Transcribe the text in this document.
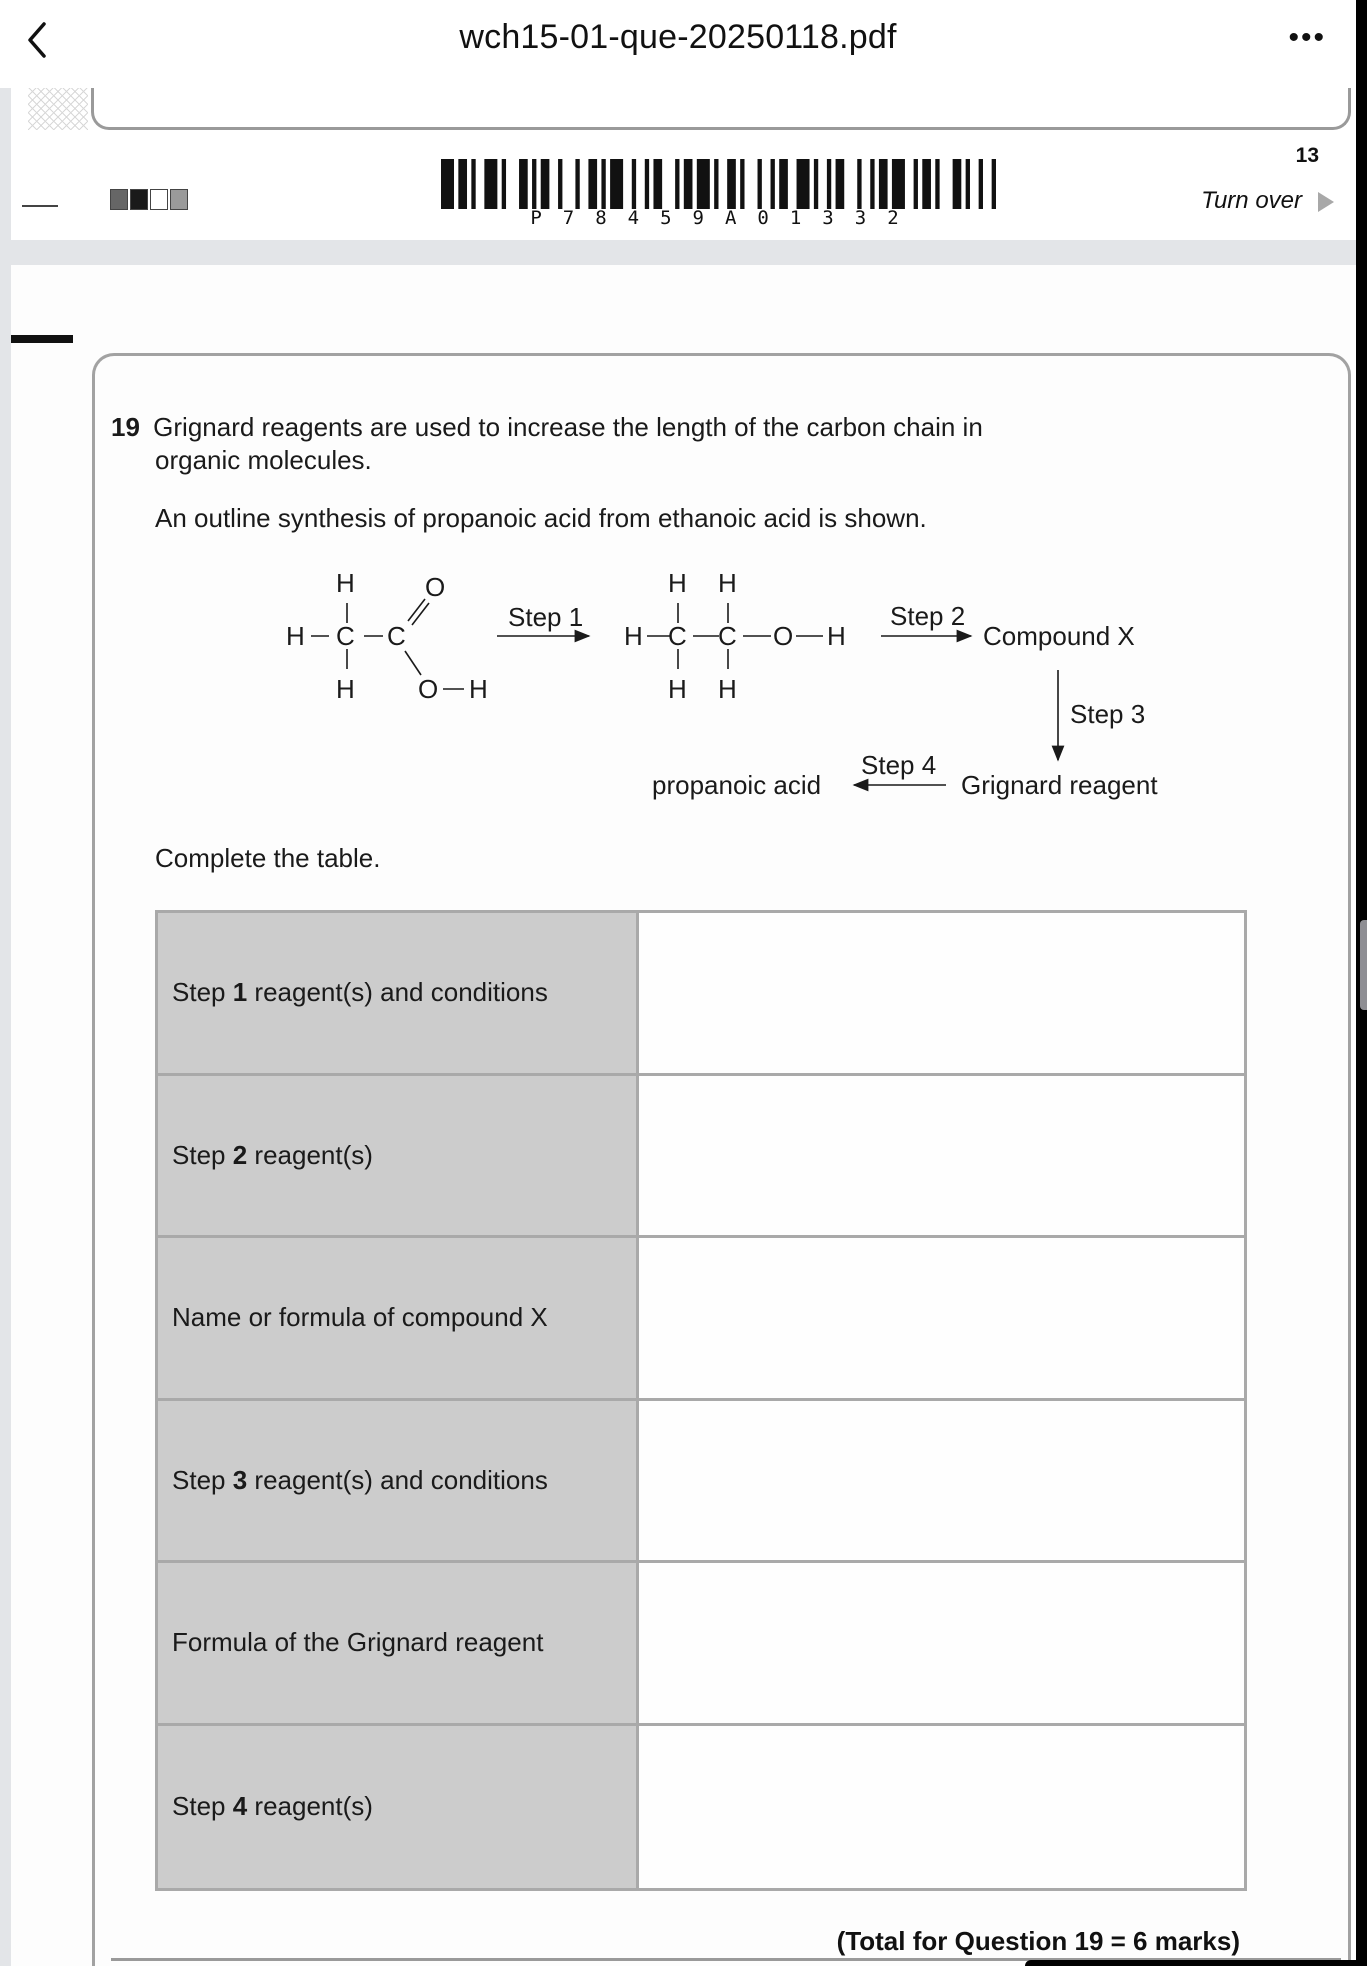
P78459A01332
13
Turn over
19 Grignard reagents are used to increase the length of the carbon chain in
organic molecules.
An outline synthesis of propanoic acid from ethanoic acid is shown.
H
H C C
H
O
O H
Step 1
H H
H C C O H
H H
Step 2
Compound X
Step 3
Step 4
Grignard reagent
propanoic acid
Complete the table.
Step 1 reagent(s) and conditions
Step 2 reagent(s)
Name or formula of compound X
Step 3 reagent(s) and conditions
Formula of the Grignard reagent
Step 4 reagent(s)
(Total for Question 19 = 6 marks)
wch15-01-que-20250118.pdf	•••
